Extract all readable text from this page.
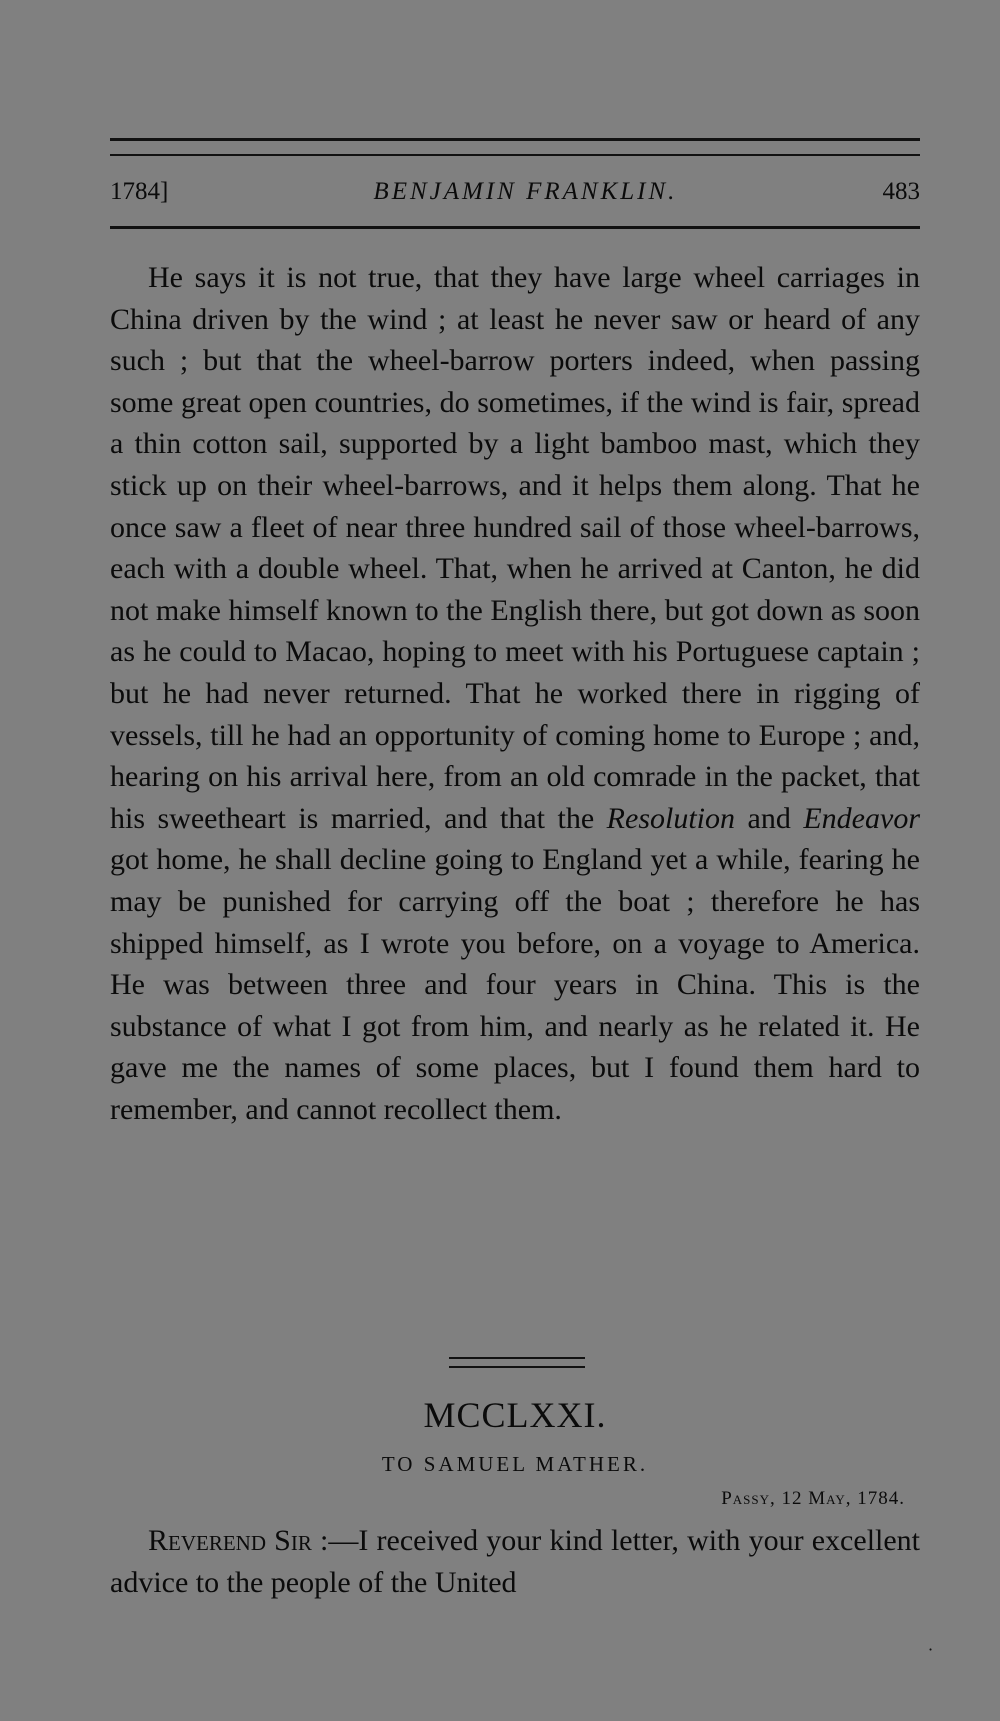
1784]	BENJAMIN FRANKLIN.	483

He says it is not true, that they have large wheel carriages in China driven by the wind ; at least he never saw or heard of any such ; but that the wheel-barrow porters indeed, when passing some great open countries, do sometimes, if the wind is fair, spread a thin cotton sail, supported by a light bamboo mast, which they stick up on their wheel-barrows, and it helps them along. That he once saw a fleet of near three hundred sail of those wheel-barrows, each with a double wheel. That, when he arrived at Canton, he did not make himself known to the English there, but got down as soon as he could to Macao, hoping to meet with his Portuguese captain ; but he had never returned. That he worked there in rigging of vessels, till he had an opportunity of coming home to Europe ; and, hearing on his arrival here, from an old comrade in the packet, that his sweetheart is married, and that the Resolution and Endeavor got home, he shall decline going to England yet a while, fearing he may be punished for carrying off the boat ; therefore he has shipped himself, as I wrote you before, on a voyage to America. He was between three and four years in China. This is the substance of what I got from him, and nearly as he related it. He gave me the names of some places, but I found them hard to remember, and cannot recollect them.

MCCLXXI.
TO SAMUEL MATHER.
Passy, 12 May, 1784.

Reverend Sir :—I received your kind letter, with your excellent advice to the people of the United

·
